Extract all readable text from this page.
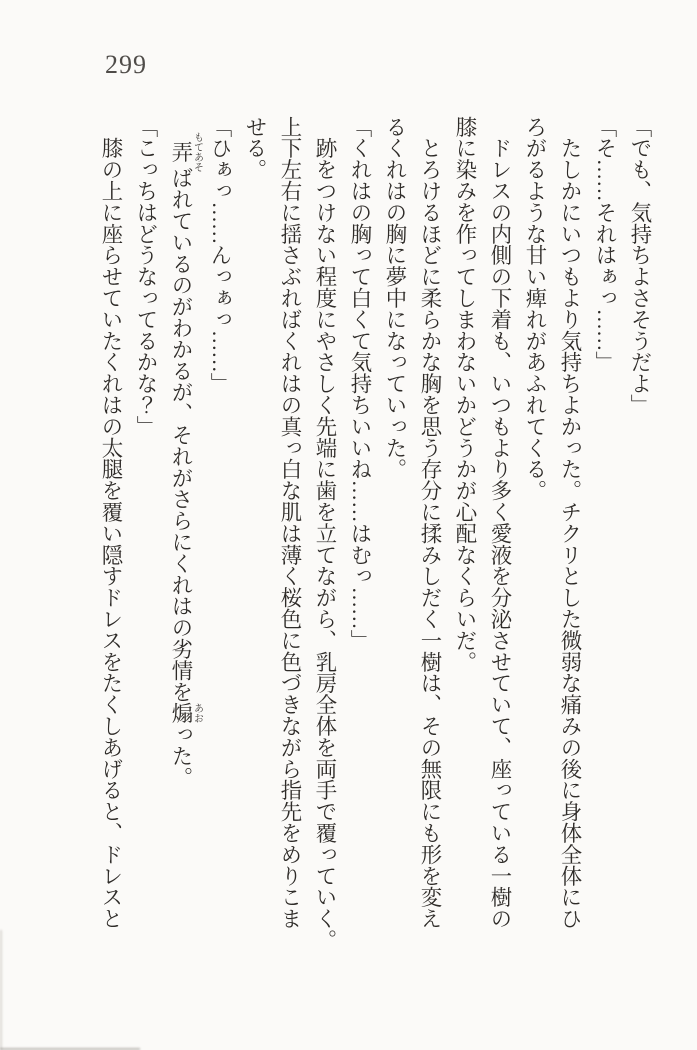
299
「でも、気持ちよさそうだよ」
「そ……それはぁっ……」
　たしかにいつもより気持ちよかった。チクリとした微弱な痛みの後に身体全体にひ
ろがるような甘い痺れがあふれてくる。
　ドレスの内側の下着も、いつもより多く愛液を分泌させていて、座っている一樹の
膝に染みを作ってしまわないかどうかが心配なくらいだ。
　とろけるほどに柔らかな胸を思う存分に揉みしだく一樹は、その無限にも形を変え
るくれはの胸に夢中になっていった。
「くれはの胸って白くて気持ちいいね……はむっ……」
　跡をつけない程度にやさしく先端に歯を立てながら、乳房全体を両手で覆っていく。
上下左右に揺さぶればくれはの真っ白な肌は薄く桜色に色づきながら指先をめりこま
せる。
「ひぁっ……んっぁっ……」
　弄もてあそばれているのがわかるが、それがさらにくれはの劣情を煽あおった。
「こっちはどうなってるかな？」
　膝の上に座らせていたくれはの太腿を覆い隠すドレスをたくしあげると、ドレスと
